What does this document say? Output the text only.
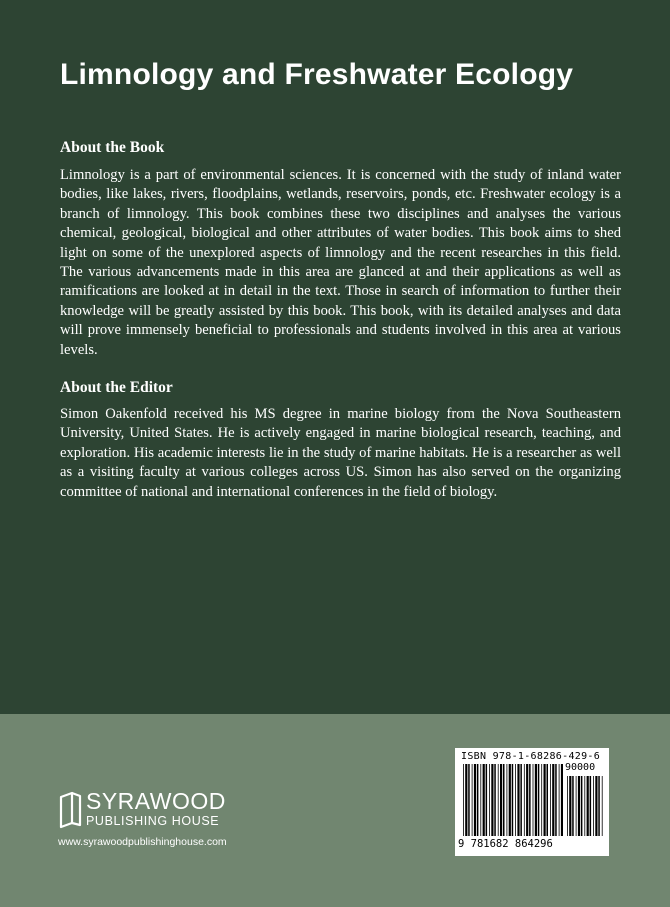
Limnology and Freshwater Ecology
About the Book

Limnology is a part of environmental sciences. It is concerned with the study of inland water bodies, like lakes, rivers, floodplains, wetlands, reservoirs, ponds, etc. Freshwater ecology is a branch of limnology. This book combines these two disciplines and analyses the various chemical, geological, biological and other attributes of water bodies. This book aims to shed light on some of the unexplored aspects of limnology and the recent researches in this field. The various advancements made in this area are glanced at and their applications as well as ramifications are looked at in detail in the text. Those in search of information to further their knowledge will be greatly assisted by this book. This book, with its detailed analyses and data will prove immensely beneficial to professionals and students involved in this area at various levels.

About the Editor

Simon Oakenfold received his MS degree in marine biology from the Nova Southeastern University, United States. He is actively engaged in marine biological research, teaching, and exploration. His academic interests lie in the study of marine habitats. He is a researcher as well as a visiting faculty at various colleges across US. Simon has also served on the organizing committee of national and international conferences in the field of biology.

SYRAWOOD
PUBLISHING HOUSE
www.syrawoodpublishinghouse.com
ISBN 978-1-68286-429-6
90000
9 781682 864296
